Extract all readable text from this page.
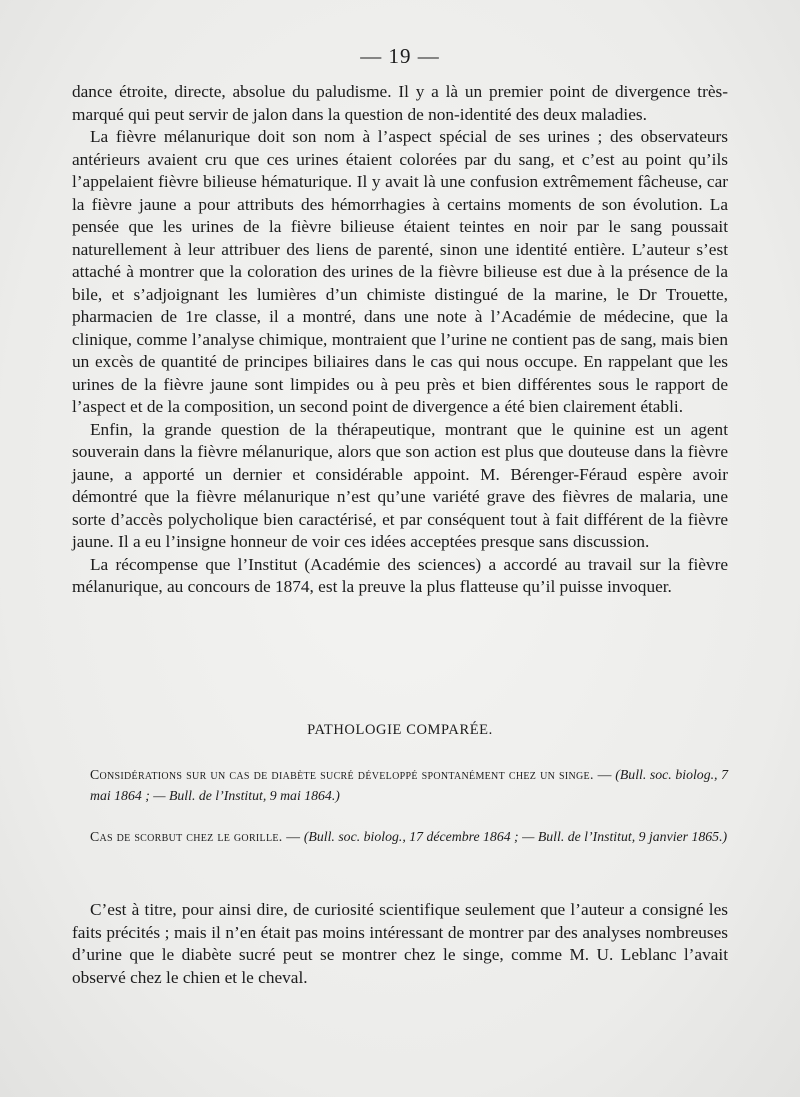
— 19 —

dance étroite, directe, absolue du paludisme. Il y a là un premier point de divergence très-marqué qui peut servir de jalon dans la question de non-identité des deux maladies.

La fièvre mélanurique doit son nom à l’aspect spécial de ses urines ; des observateurs antérieurs avaient cru que ces urines étaient colorées par du sang, et c’est au point qu’ils l’appelaient fièvre bilieuse hématurique. Il y avait là une confusion extrêmement fâcheuse, car la fièvre jaune a pour attributs des hémorrhagies à certains moments de son évolution. La pensée que les urines de la fièvre bilieuse étaient teintes en noir par le sang poussait naturellement à leur attribuer des liens de parenté, sinon une identité entière. L’auteur s’est attaché à montrer que la coloration des urines de la fièvre bilieuse est due à la présence de la bile, et s’adjoignant les lumières d’un chimiste distingué de la marine, le Dr Trouette, pharmacien de 1re classe, il a montré, dans une note à l’Académie de médecine, que la clinique, comme l’analyse chimique, montraient que l’urine ne contient pas de sang, mais bien un excès de quantité de principes biliaires dans le cas qui nous occupe. En rappelant que les urines de la fièvre jaune sont limpides ou à peu près et bien différentes sous le rapport de l’aspect et de la composition, un second point de divergence a été bien clairement établi.

Enfin, la grande question de la thérapeutique, montrant que le quinine est un agent souverain dans la fièvre mélanurique, alors que son action est plus que douteuse dans la fièvre jaune, a apporté un dernier et considérable appoint. M. Bérenger-Féraud espère avoir démontré que la fièvre mélanurique n’est qu’une variété grave des fièvres de malaria, une sorte d’accès polycholique bien caractérisé, et par conséquent tout à fait différent de la fièvre jaune. Il a eu l’insigne honneur de voir ces idées acceptées presque sans discussion.

La récompense que l’Institut (Académie des sciences) a accordé au travail sur la fièvre mélanurique, au concours de 1874, est la preuve la plus flatteuse qu’il puisse invoquer.

PATHOLOGIE COMPARÉE.
Considérations sur un cas de diabète sucré développé spontanément chez un singe. — (Bull. soc. biolog., 7 mai 1864 ; — Bull. de l’Institut, 9 mai 1864.)
Cas de scorbut chez le gorille. — (Bull. soc. biolog., 17 décembre 1864 ; — Bull. de l’Institut, 9 janvier 1865.)

C’est à titre, pour ainsi dire, de curiosité scientifique seulement que l’auteur a consigné les faits précités ; mais il n’en était pas moins intéressant de montrer par des analyses nombreuses d’urine que le diabète sucré peut se montrer chez le singe, comme M. U. Leblanc l’avait observé chez le chien et le cheval.
